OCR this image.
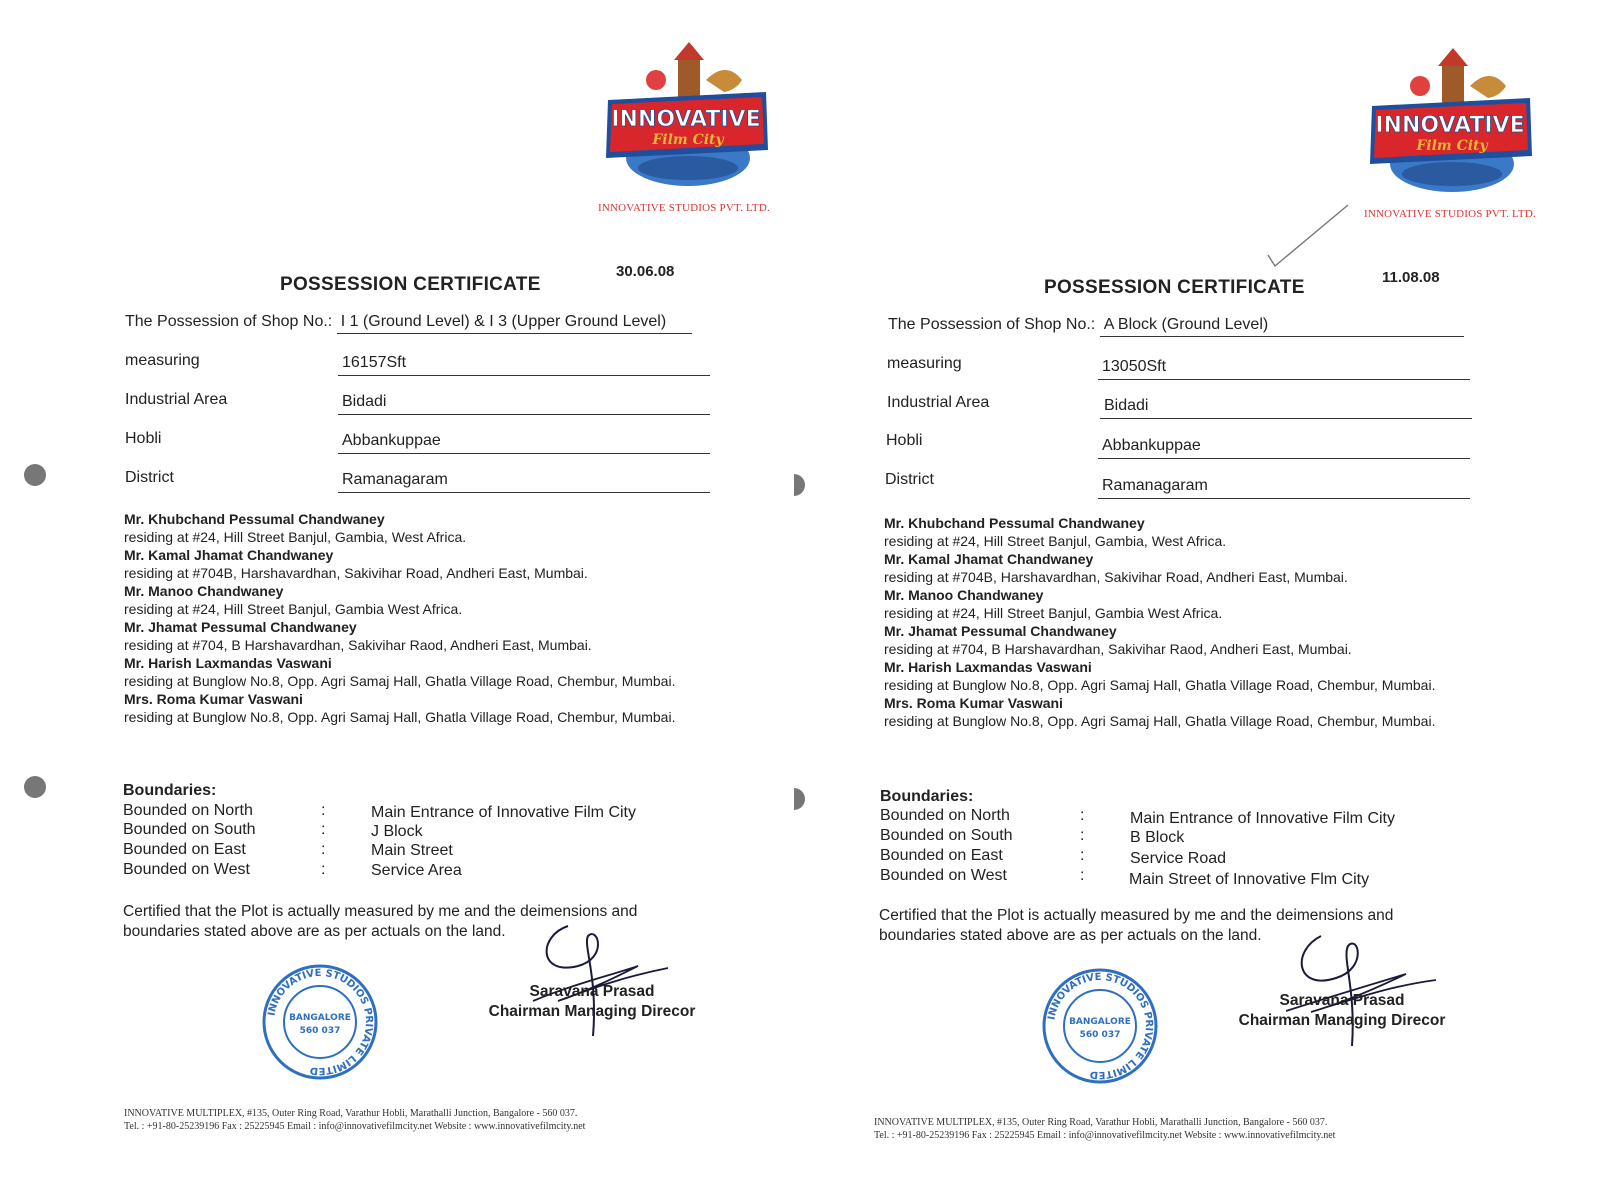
INNOVATIVE
Film City
INNOVATIVE STUDIOS PVT. LTD.
POSSESSION CERTIFICATE
30.06.08
The Possession of Shop No.: I 1 (Ground Level) & I 3 (Upper Ground Level)
measuring	16157Sft
Industrial Area	Bidadi
Hobli	Abbankuppae
District	Ramanagaram
Mr. Khubchand Pessumal Chandwaney
residing at #24, Hill Street Banjul, Gambia, West Africa.
Mr. Kamal Jhamat Chandwaney
residing at #704B, Harshavardhan, Sakivihar Road, Andheri East, Mumbai.
Mr. Manoo Chandwaney
residing at #24, Hill Street Banjul, Gambia West Africa.
Mr. Jhamat Pessumal Chandwaney
residing at #704, B Harshavardhan, Sakivihar Raod, Andheri East, Mumbai.
Mr. Harish Laxmandas Vaswani
residing at Bunglow No.8, Opp. Agri Samaj Hall, Ghatla Village Road, Chembur, Mumbai.
Mrs. Roma Kumar Vaswani
residing at Bunglow No.8, Opp. Agri Samaj Hall, Ghatla Village Road, Chembur, Mumbai.
Boundaries:
Bounded on North	:	Main Entrance of Innovative Film City
Bounded on South	:	J Block
Bounded on East	:	Main Street
Bounded on West	:	Service Area
Certified that the Plot is actually measured by me and the deimensions and boundaries stated above are as per actuals on the land.
INNOVATIVE STUDIOS PRIVATE LIMITED
BANGALORE
560 037
Saravana Prasad
Chairman Managing Direcor
INNOVATIVE MULTIPLEX, #135, Outer Ring Road, Varathur Hobli, Marathalli Junction, Bangalore - 560 037.
Tel. : +91-80-25239196 Fax : 25225945 Email : info@innovativefilmcity.net Website : www.innovativefilmcity.net
INNOVATIVE
Film City
INNOVATIVE STUDIOS PVT. LTD.
POSSESSION CERTIFICATE	11.08.08
The Possession of Shop No.: A Block (Ground Level)
measuring	13050Sft
Industrial Area	Bidadi
Hobli	Abbankuppae
District	Ramanagaram
Mr. Khubchand Pessumal Chandwaney
residing at #24, Hill Street Banjul, Gambia, West Africa.
Mr. Kamal Jhamat Chandwaney
residing at #704B, Harshavardhan, Sakivihar Road, Andheri East, Mumbai.
Mr. Manoo Chandwaney
residing at #24, Hill Street Banjul, Gambia West Africa.
Mr. Jhamat Pessumal Chandwaney
residing at #704, B Harshavardhan, Sakivihar Raod, Andheri East, Mumbai.
Mr. Harish Laxmandas Vaswani
residing at Bunglow No.8, Opp. Agri Samaj Hall, Ghatla Village Road, Chembur, Mumbai.
Mrs. Roma Kumar Vaswani
residing at Bunglow No.8, Opp. Agri Samaj Hall, Ghatla Village Road, Chembur, Mumbai.
Boundaries:
Bounded on North	:	Main Entrance of Innovative Film City
Bounded on South	:	B Block
Bounded on East	:	Service Road
Bounded on West	:	Main Street of Innovative Flm City
Certified that the Plot is actually measured by me and the deimensions and boundaries stated above are as per actuals on the land.
INNOVATIVE STUDIOS PRIVATE LIMITED
BANGALORE
560 037
Saravana Prasad
Chairman Managing Direcor
INNOVATIVE MULTIPLEX, #135, Outer Ring Road, Varathur Hobli, Marathalli Junction, Bangalore - 560 037.
Tel. : +91-80-25239196 Fax : 25225945 Email : info@innovativefilmcity.net Website : www.innovativefilmcity.net
